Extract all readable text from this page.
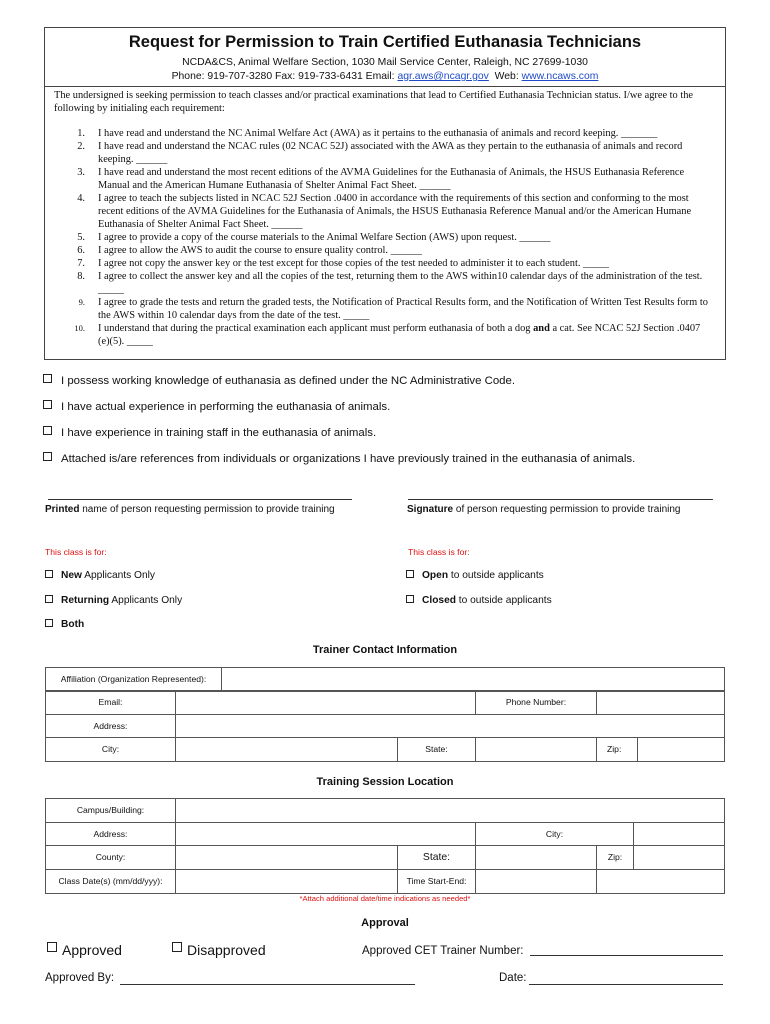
Request for Permission to Train Certified Euthanasia Technicians
NCDA&CS, Animal Welfare Section, 1030 Mail Service Center, Raleigh, NC 27699-1030
Phone: 919-707-3280 Fax: 919-733-6431 Email: agr.aws@ncagr.gov  Web: www.ncaws.com
The undersigned is seeking permission to teach classes and/or practical examinations that lead to Certified Euthanasia Technician status. I/we agree to the following by initialing each requirement:
1. I have read and understand the NC Animal Welfare Act (AWA) as it pertains to the euthanasia of animals and record keeping. _______
2. I have read and understand the NCAC rules (02 NCAC 52J) associated with the AWA as they pertain to the euthanasia of animals and record keeping. ______
3. I have read and understand the most recent editions of the AVMA Guidelines for the Euthanasia of Animals, the HSUS Euthanasia Reference Manual and the American Humane Euthanasia of Shelter Animal Fact Sheet. ______
4. I agree to teach the subjects listed in NCAC 52J Section .0400 in accordance with the requirements of this section and conforming to the most recent editions of the AVMA Guidelines for the Euthanasia of Animals, the HSUS Euthanasia Reference Manual and/or the American Humane Euthanasia of Shelter Animal Fact Sheet. ______
5. I agree to provide a copy of the course materials to the Animal Welfare Section (AWS) upon request. ______
6. I agree to allow the AWS to audit the course to ensure quality control. ______
7. I agree not copy the answer key or the test except for those copies of the test needed to administer it to each student. _____
8. I agree to collect the answer key and all the copies of the test, returning them to the AWS within10 calendar days of the administration of the test. _____
9. I agree to grade the tests and return the graded tests, the Notification of Practical Results form, and the Notification of Written Test Results form to the AWS within 10 calendar days from the date of the test. _____
10. I understand that during the practical examination each applicant must perform euthanasia of both a dog and a cat. See NCAC 52J Section .0407 (e)(5). _____
I possess working knowledge of euthanasia as defined under the NC Administrative Code.
I have actual experience in performing the euthanasia of animals.
I have experience in training staff in the euthanasia of animals.
Attached is/are references from individuals or organizations I have previously trained in the euthanasia of animals.
Printed name of person requesting permission to provide training	Signature of person requesting permission to provide training
This class is for:	This class is for:
New Applicants Only
Returning Applicants Only
Both
Open to outside applicants
Closed to outside applicants
Trainer Contact Information
Affiliation (Organization Represented):	
Email:		Phone Number:	
Address:			
City:		State:		Zip:	
Training Session Location
Campus/Building:					
Address:			City:		
County:		State:		Zip:	
Class Date(s) (mm/dd/yyy):		Time Start-End:			
*Attach additional date/time indications as needed*
Approval
Approved	Disapproved	Approved CET Trainer Number:
Approved By:	Date:
